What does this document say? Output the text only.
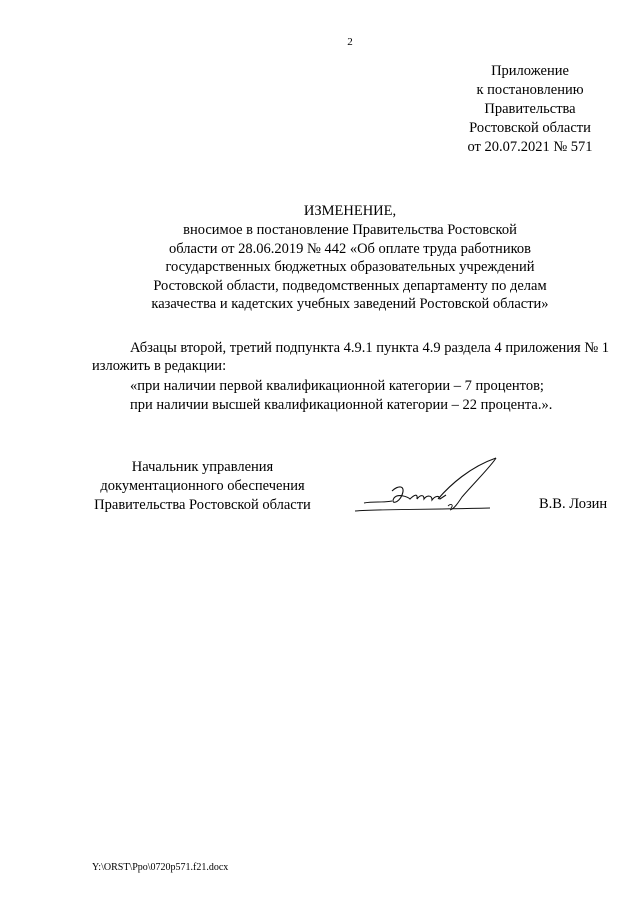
2
Приложение
к постановлению
Правительства
Ростовской области
от 20.07.2021 № 571
ИЗМЕНЕНИЕ,
вносимое в постановление Правительства Ростовской
области от 28.06.2019 № 442 «Об оплате труда работников
государственных бюджетных образовательных учреждений
Ростовской области, подведомственных департаменту по делам
казачества и кадетских учебных заведений Ростовской области»
Абзацы второй, третий подпункта 4.9.1 пункта 4.9 раздела 4 приложения № 1
изложить в редакции:
«при наличии первой квалификационной категории – 7 процентов;
при наличии высшей квалификационной категории – 22 процента.».
Начальник управления
документационного обеспечения
Правительства Ростовской области	В.В. Лозин
Y:\ORST\Ppo\0720p571.f21.docx
